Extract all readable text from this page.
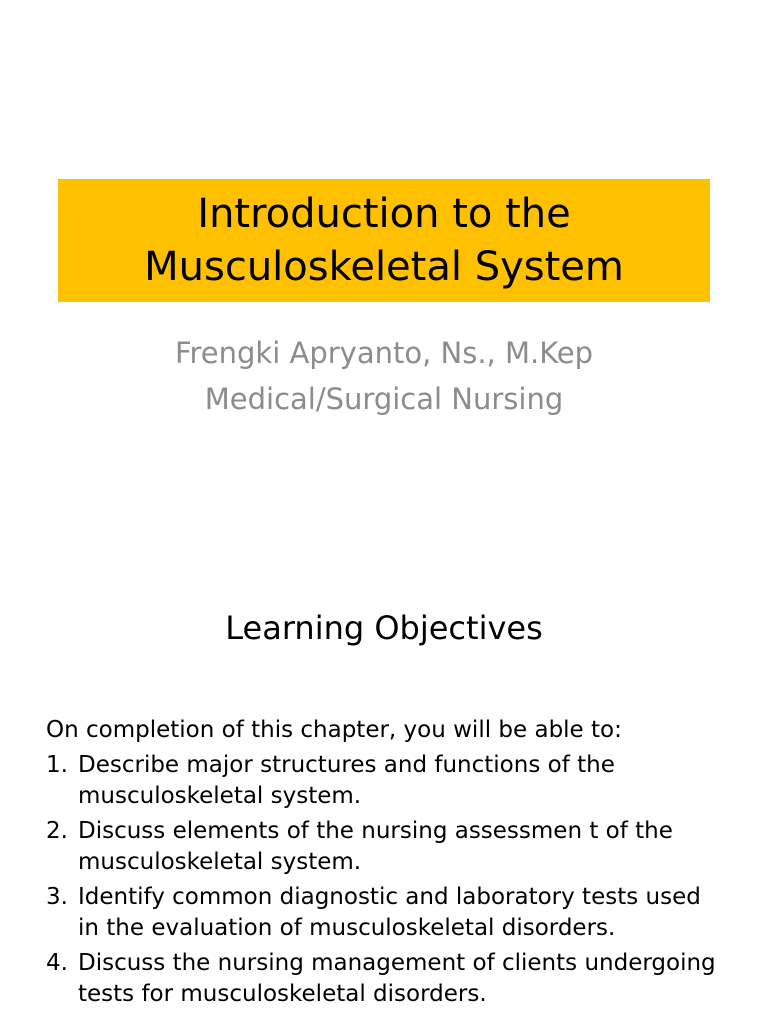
Introduction to the
Musculoskeletal System
Frengki Apryanto, Ns., M.Kep
Medical/Surgical Nursing
Learning Objectives
On completion of this chapter, you will be able to:
1. Describe major structures and functions of the musculoskeletal system.
2. Discuss elements of the nursing assessmen t of the musculoskeletal system.
3. Identify common diagnostic and laboratory tests used in the evaluation of musculoskeletal disorders.
4. Discuss the nursing management of clients undergoing tests for musculoskeletal disorders.
